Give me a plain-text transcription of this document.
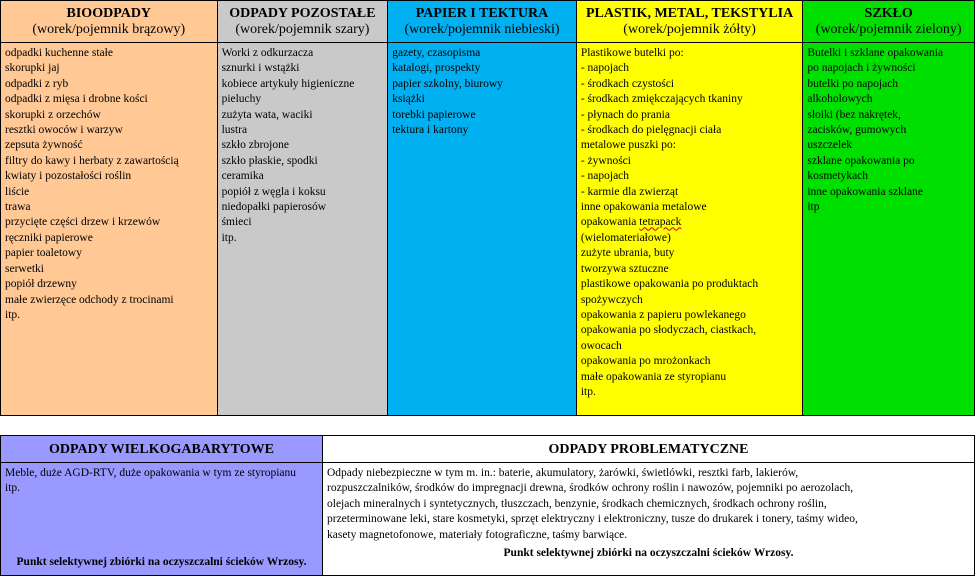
BIOODPADY
(worek/pojemnik brązowy)
odpadki kuchenne stałe
skorupki jaj
odpadki z ryb
odpadki z mięsa i drobne kości
skorupki z orzechów
resztki owoców i warzyw
zepsuta żywność
filtry do kawy i herbaty z zawartością
kwiaty i pozostałości roślin
liście
trawa
przycięte części drzew i krzewów
ręczniki papierowe
papier toaletowy
serwetki
popiół drzewny
małe zwierzęce odchody z trocinami
itp.
ODPADY POZOSTAŁE
(worek/pojemnik szary)
Worki z odkurzacza
sznurki i wstążki
kobiece artykuły higieniczne
pieluchy
zużyta wata, waciki
lustra
szkło zbrojone
szkło płaskie, spodki
ceramika
popiół z węgla i koksu
niedopałki papierosów
śmieci
itp.
PAPIER I TEKTURA
(worek/pojemnik niebieski)
gazety, czasopisma
katalogi, prospekty
papier szkolny, biurowy
książki
torebki papierowe
tektura i kartony
PLASTIK, METAL, TEKSTYLIA
(worek/pojemnik żółty)
Plastikowe butelki po:
- napojach
- środkach czystości
- środkach zmiękczających tkaniny
- płynach do prania
- środkach do pielęgnacji ciała
metalowe puszki po:
- żywności
- napojach
- karmie dla zwierząt
inne opakowania metalowe
opakowania tetrapack
(wielomateriałowe)
zużyte ubrania, buty
tworzywa sztuczne
plastikowe opakowania po produktach
spożywczych
opakowania z papieru powlekanego
opakowania po słodyczach, ciastkach,
owocach
opakowania po mrożonkach
małe opakowania ze styropianu
itp.
SZKŁO
(worek/pojemnik zielony)
Butelki i szklane opakowania
po napojach i żywności
butelki po napojach
alkoholowych
słoiki (bez nakrętek,
zacisków, gumowych
uszczelek
szklane opakowania po
kosmetykach
inne opakowania szklane
itp
ODPADY WIELKOGABARYTOWE
Meble, duże AGD-RTV, duże opakowania w tym ze styropianu
itp.
Punkt selektywnej zbiórki na oczyszczalni ścieków Wrzosy.
ODPADY PROBLEMATYCZNE
Odpady niebezpieczne w tym m. in.: baterie, akumulatory, żarówki, świetlówki, resztki farb, lakierów,
rozpuszczalników, środków do impregnacji drewna, środków ochrony roślin i nawozów, pojemniki po aerozolach,
olejach mineralnych i syntetycznych, tłuszczach, benzynie, środkach chemicznych, środkach ochrony roślin,
przeterminowane leki, stare kosmetyki, sprzęt elektryczny i elektroniczny, tusze do drukarek i tonery, taśmy wideo,
kasety magnetofonowe, materiały fotograficzne, taśmy barwiące.
Punkt selektywnej zbiórki na oczyszczalni ścieków Wrzosy.
